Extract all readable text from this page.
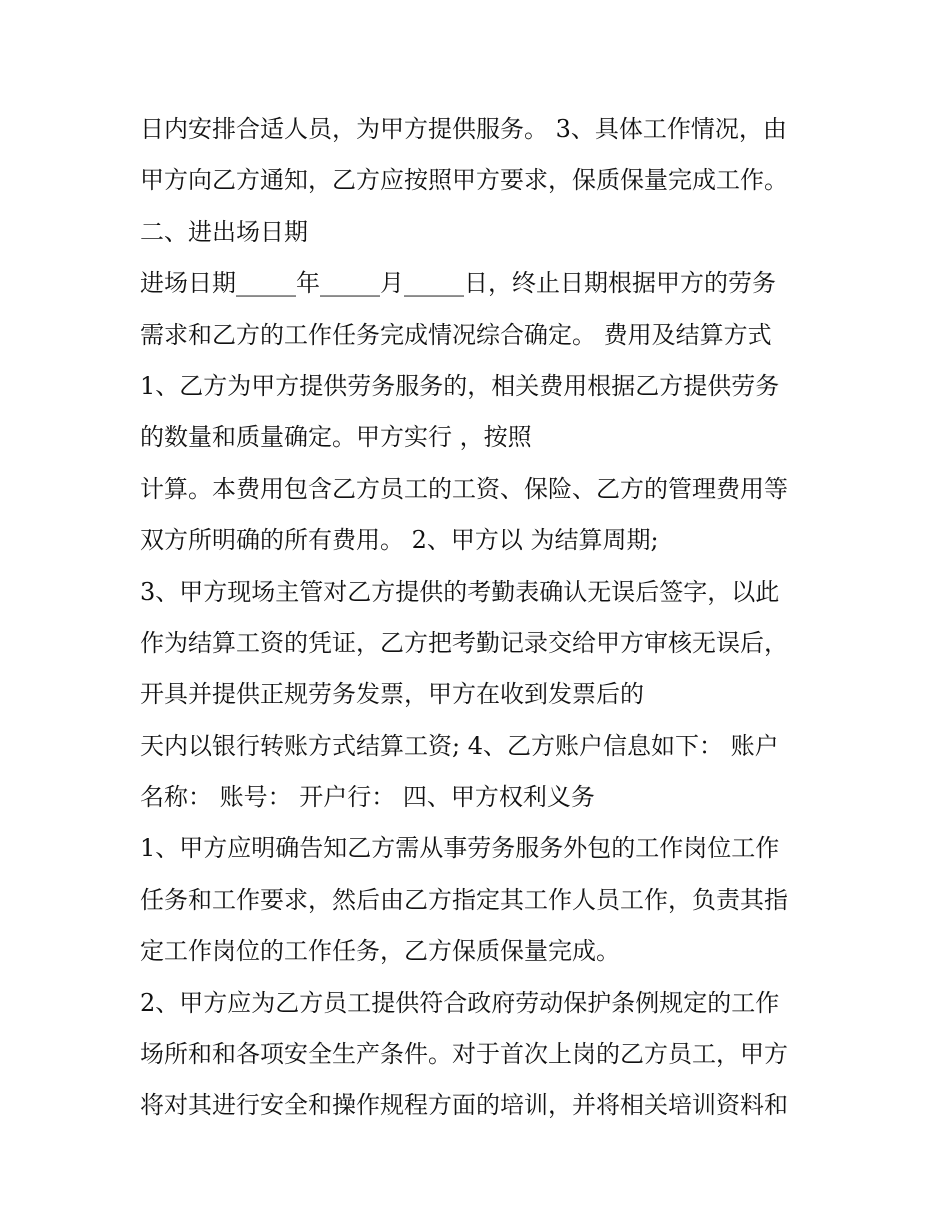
日内安排合适人员，为甲方提供服务。 3、具体工作情况，由

甲方向乙方通知，乙方应按照甲方要求，保质保量完成工作。

二、进出场日期

进场日期_____年_____月_____日，终止日期根据甲方的劳务

需求和乙方的工作任务完成情况综合确定。 费用及结算方式

1、乙方为甲方提供劳务服务的，相关费用根据乙方提供劳务

的数量和质量确定。甲方实行 ，按照

计算。本费用包含乙方员工的工资、保险、乙方的管理费用等

双方所明确的所有费用。 2、甲方以 为结算周期;

3、甲方现场主管对乙方提供的考勤表确认无误后签字，以此

作为结算工资的凭证，乙方把考勤记录交给甲方审核无误后，

开具并提供正规劳务发票，甲方在收到发票后的

天内以银行转账方式结算工资; 4、乙方账户信息如下： 账户

名称： 账号： 开户行： 四、甲方权利义务

1、甲方应明确告知乙方需从事劳务服务外包的工作岗位工作

任务和工作要求，然后由乙方指定其工作人员工作，负责其指

定工作岗位的工作任务，乙方保质保量完成。

2、甲方应为乙方员工提供符合政府劳动保护条例规定的工作

场所和和各项安全生产条件。对于首次上岗的乙方员工，甲方

将对其进行安全和操作规程方面的培训，并将相关培训资料和
